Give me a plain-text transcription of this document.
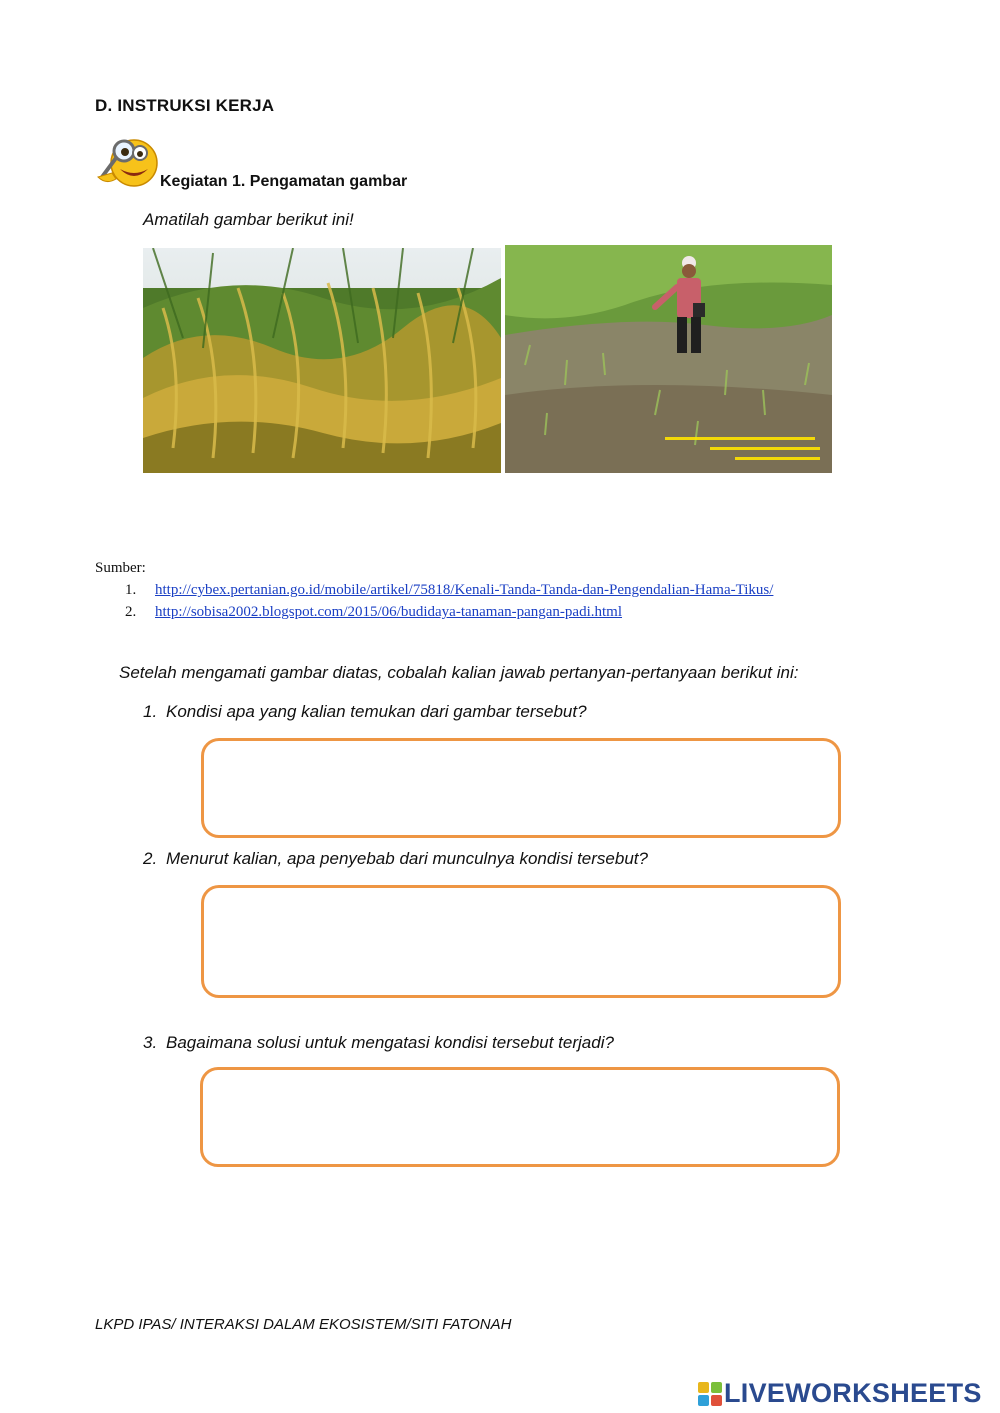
D. INSTRUKSI KERJA
Kegiatan 1. Pengamatan gambar
Amatilah gambar berikut ini!
Sumber:
1. http://cybex.pertanian.go.id/mobile/artikel/75818/Kenali-Tanda-Tanda-dan-Pengendalian-Hama-Tikus/
2. http://sobisa2002.blogspot.com/2015/06/budidaya-tanaman-pangan-padi.html
Setelah mengamati gambar diatas, cobalah kalian jawab pertanyan-pertanyaan berikut ini:
1. Kondisi apa yang kalian temukan dari gambar tersebut?
2. Menurut kalian, apa penyebab dari munculnya kondisi tersebut?
3. Bagaimana solusi untuk mengatasi kondisi tersebut terjadi?
LKPD IPAS/ INTERAKSI DALAM EKOSISTEM/SITI FATONAH
LIVEWORKSHEETS
